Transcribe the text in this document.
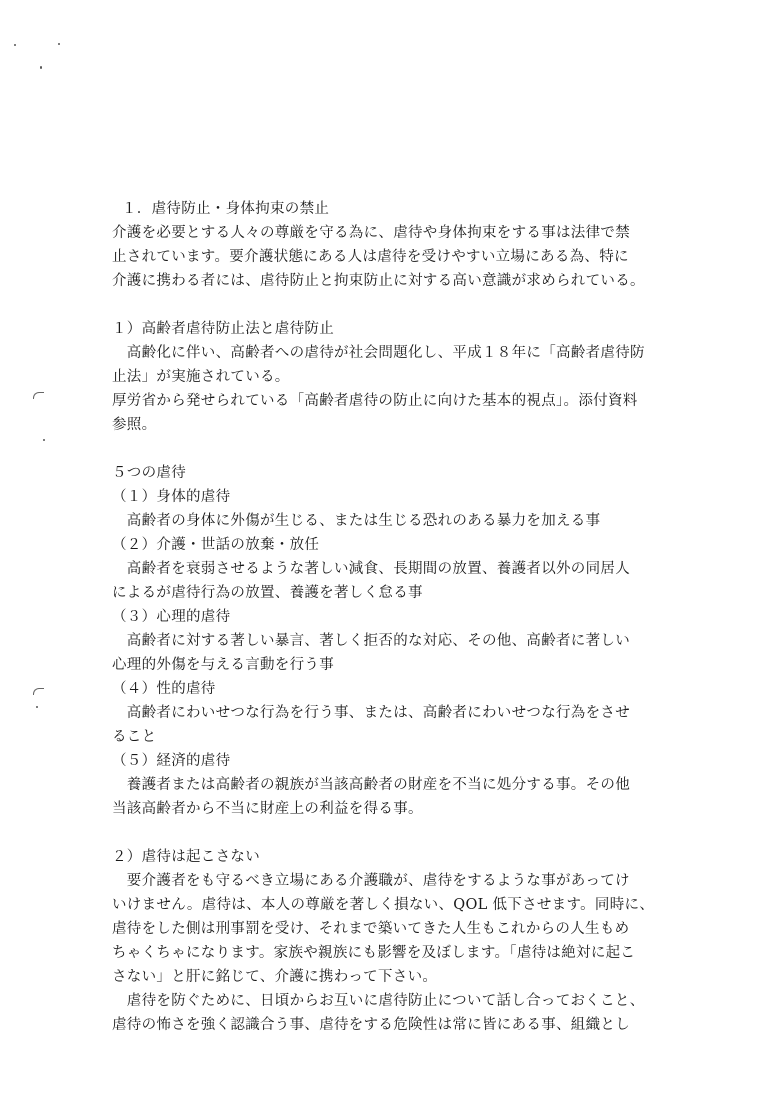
１．虐待防止・身体拘束の禁止
介護を必要とする人々の尊厳を守る為に、虐待や身体拘束をする事は法律で禁
止されています。要介護状態にある人は虐待を受けやすい立場にある為、特に
介護に携わる者には、虐待防止と拘束防止に対する高い意識が求められている。
１）高齢者虐待防止法と虐待防止
　高齢化に伴い、高齢者への虐待が社会問題化し、平成１８年に「高齢者虐待防
止法」が実施されている。
厚労省から発せられている「高齢者虐待の防止に向けた基本的視点」。添付資料
参照。
５つの虐待
（１）身体的虐待
　高齢者の身体に外傷が生じる、または生じる恐れのある暴力を加える事
（２）介護・世話の放棄・放任
　高齢者を衰弱させるような著しい減食、長期間の放置、養護者以外の同居人
によるが虐待行為の放置、養護を著しく怠る事
（３）心理的虐待
　高齢者に対する著しい暴言、著しく拒否的な対応、その他、高齢者に著しい
心理的外傷を与える言動を行う事
（４）性的虐待
　高齢者にわいせつな行為を行う事、または、高齢者にわいせつな行為をさせ
ること
（５）経済的虐待
　養護者または高齢者の親族が当該高齢者の財産を不当に処分する事。その他
当該高齢者から不当に財産上の利益を得る事。
２）虐待は起こさない
　要介護者をも守るべき立場にある介護職が、虐待をするような事があってけ
いけません。虐待は、本人の尊厳を著しく損ない、QOL 低下させます。同時に、
虐待をした側は刑事罰を受け、それまで築いてきた人生もこれからの人生もめ
ちゃくちゃになります。家族や親族にも影響を及ぼします。「虐待は絶対に起こ
さない」と肝に銘じて、介護に携わって下さい。
　虐待を防ぐために、日頃からお互いに虐待防止について話し合っておくこと、
虐待の怖さを強く認識合う事、虐待をする危険性は常に皆にある事、組織とし
